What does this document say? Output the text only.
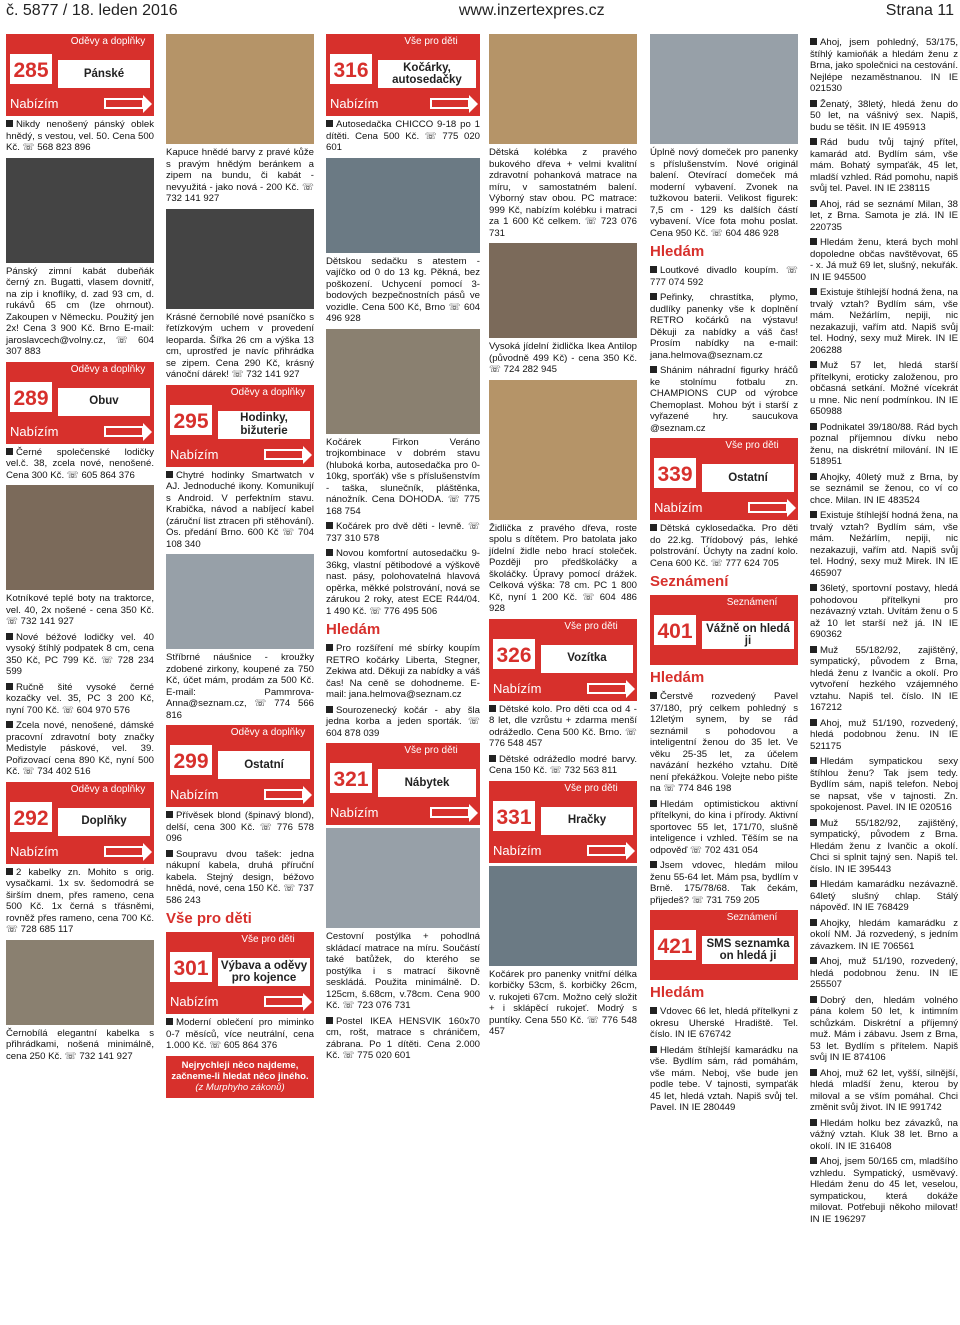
č. 5877 / 18. leden 2016	www.inzertexpres.cz	Strana 11
Oděvy a doplňky
285	Pánské
Nabízím

Nikdy nenošený pánský oblek hnědý, s vestou, vel. 50. Cena 500 Kč. ☏ 568 823 896

Pánský zimní kabát dubeňák černý zn. Bugatti, vlasem dovnitř, na zip i knoflíky, d. zad 93 cm, d. rukávů 65 cm (lze ohrnout). Zakoupen v Německu. Použitý jen 2x! Cena 3 900 Kč. Brno E-mail: jaroslavcech@volny.cz, ☏ 604 307 883

Oděvy a doplňky
289	Obuv
Nabízím

Černé společenské lodičky vel.č. 38, zcela nové, nenošené. Cena 300 Kč. ☏ 605 864 376

Kotníkové teplé boty na traktorce, vel. 40, 2x nošené - cena 350 Kč. ☏ 732 141 927

Nové béžové lodičky vel. 40 vysoký štíhlý podpatek 8 cm, cena 350 Kč, PC 799 Kč. ☏ 728 234 599

Ručně šité vysoké černé kozačky vel. 35, PC 3 200 Kč, nyní 700 Kč. ☏ 604 970 576

Zcela nové, nenošené, dámské pracovní zdravotní boty značky Medistyle páskové, vel. 39. Pořizovací cena 890 Kč, nyní 500 Kč. ☏ 734 402 516

Oděvy a doplňky
292	Doplňky
Nabízím

2 kabelky zn. Mohito s orig. vysačkami. 1x sv. šedomodrá se širším dnem, přes rameno, cena 500 Kč. 1x černá s třásněmi, rovněž přes rameno, cena 700 Kč. ☏ 728 685 117

Černobílá elegantní kabelka s přihrádkami, nošená minimálně, cena 250 Kč. ☏ 732 141 927

Kapuce hnědé barvy z pravé kůže s pravým hnědým beránkem a zipem na bundu, či kabát - nevyužitá - jako nová - 200 Kč. ☏ 732 141 927

Krásné černobílé nové psaníčko s řetízkovým uchem v provedení leoparda. Šířka 26 cm a výška 13 cm, uprostřed je navíc přihrádka se zipem. Cena 290 Kč, krásný vánoční dárek! ☏ 732 141 927

Oděvy a doplňky
295	Hodinky, bižuterie
Nabízím

Chytré hodinky Smartwatch v AJ. Jednoduché ikony. Komunikují s Android. V perfektním stavu. Krabička, návod a nabíjecí kabel (záruční list ztracen při stěhování). Os. předání Brno. 600 Kč ☏ 704 108 340

Stříbrné náušnice - kroužky zdobené zirkony, koupené za 750 Kč, účet mám, prodám za 500 Kč. E-mail: Pammrova-Anna@seznam.cz, ☏ 774 566 816

Oděvy a doplňky
299	Ostatní
Nabízím

Přívěsek blond (špinavý blond), delší, cena 300 Kč. ☏ 776 578 096

Soupravu dvou tašek: jedna nákupní kabela, druhá příruční kabela. Stejný design, béžovo hnědá, nové, cena 150 Kč. ☏ 737 586 243

Vše pro děti
Vše pro děti
301	Výbava a oděvy pro kojence
Nabízím

Moderní oblečení pro miminko 0-7 měsíců, více neutrální, cena 1.000 Kč. ☏ 605 864 376

Nejrychleji něco najdeme, začneme-li hledat něco jiného.
(z Murphyho zákonů)
Vše pro děti
316	Kočárky, autosedačky
Nabízím

Autosedačka CHICCO 9-18 po 1 dítěti. Cena 500 Kč. ☏ 775 020 601

Dětskou sedačku s atestem - vajíčko od 0 do 13 kg. Pěkná, bez poškození. Uchycení pomocí 3-bodových bezpečnostních pásů ve vozidle. Cena 500 Kč, Brno ☏ 604 496 928

Kočárek Firkon Veráno trojkombinace v dobrém stavu (hluboká korba, autosedačka pro 0-10kg, sporťák) vše s příslušenstvím - taška, slunečník, pláštěnka, nánožník. Cena DOHODA. ☏ 775 168 754

Kočárek pro dvě děti - levně. ☏ 737 310 578

Novou komfortní autosedačku 9-36kg, vlastní pětibodové a výškově nast. pásy, polohovatelná hlavová opěrka, měkké polstrování, nová se zárukou 2 roky, atest ECE R44/04. 1 490 Kč. ☏ 776 495 506

Hledám

Pro rozšíření mé sbírky koupím RETRO kočárky Liberta, Stegner, Zekiwa atd. Děkuji za nabídky a váš čas! Na ceně se dohodneme. E-mail: jana.helmova@seznam.cz

Sourozenecký kočár - aby šla jedna korba a jeden sporták. ☏ 604 878 039

Vše pro děti
321	Nábytek
Nabízím

Cestovní postýlka + pohodlná skládací matrace na míru. Součástí také batůžek, do kterého se postýlka i s matrací šikovně seskládá. Použita minimálně. D. 125cm, š.68cm, v.78cm. Cena 900 Kč. ☏ 723 076 731

Postel IKEA HENSVIK 160x70 cm, rošt, matrace s chráničem, zábrana. Po 1 dítěti. Cena 2.000 Kč. ☏ 775 020 601

Dětská kolébka z pravého bukového dřeva + velmi kvalitní zdravotní pohanková matrace na míru, v samostatném balení. Výborný stav obou. PC matrace: 999 Kč, nabízím kolébku i matraci za 1 600 Kč celkem. ☏ 723 076 731

Vysoká jídelní židlička Ikea Antilop (původně 499 Kč) - cena 350 Kč. ☏ 724 282 945

Židlička z pravého dřeva, roste spolu s dítětem. Pro batolata jako jídelní židle nebo hrací stoleček. Později pro předškoláčky a školáčky. Úpravy pomocí drážek. Celková výška: 78 cm. PC 1 800 Kč, nyní 1 200 Kč. ☏ 604 486 928

Vše pro děti
326	Vozítka
Nabízím

Dětské kolo. Pro děti cca od 4 - 8 let, dle vzrůstu + zdarma menší odrážedlo. Cena 500 Kč. Brno. ☏ 776 548 457

Dětské odrážedlo modré barvy. Cena 150 Kč. ☏ 732 563 811

Vše pro děti
331	Hračky
Nabízím

Kočárek pro panenky vnitřní délka korbičky 53cm, š. korbičky 26cm, v. rukojeti 67cm. Možno celý složit + i sklápěcí rukojeť. Modrý s puntíky. Cena 550 Kč. ☏ 776 548 457

Úplně nový domeček pro panenky s příslušenstvím. Nové originál balení. Otevírací domeček má moderní vybavení. Zvonek na tužkovou baterii. Velikost figurek: 7,5 cm - 129 ks dalších částí vybavení. Více fota mohu poslat. Cena 950 Kč. ☏ 604 486 928

Hledám

Loutkové divadlo koupím. ☏ 777 074 592

Peřinky, chrastítka, plymo, dudlíky panenky vše k doplnění RETRO kočárků na výstavu! Děkuji za nabídky a váš čas! Prosím nabídky na e-mail: jana.helmova@seznam.cz

Shánim náhradní figurky hráčů ke stolnímu fotbalu zn. CHAMPIONS CUP od výrobce Chemoplast. Mohou být i starší z vyřazené hry. saucukova @seznam.cz

Vše pro děti
339	Ostatní
Nabízím

Dětská cyklosedačka. Pro děti do 22.kg. Třídobový pás, lehké polstrování. Úchyty na zadní kolo. Cena 600 Kč. ☏ 777 624 705

Seznámení
Seznámení
401	Vážně on hledá ji
Hledám

Čerstvě rozvedený Pavel 37/180, prý celkem pohledný s 12letým synem, by se rád seznámil s pohodovou a inteligentní ženou do 35 let. Ve věku 25-35 let, za účelem navázání hezkého vztahu. Dítě není překážkou. Volejte nebo pište na ☏ 774 846 198

Hledám optimistickou aktivní přítelkyni, do kina i přírody. Aktivní sportovec 55 let, 171/70, slušně inteligence i vzhled. Těším se na odpověď ☏ 702 431 054

Jsem vdovec, hledám milou ženu 55-64 let. Mám psa, bydlím v Brně. 175/78/68. Tak čekám, přijedeš? ☏ 731 759 205

Seznámení
421	SMS seznamka on hledá ji
Hledám

Vdovec 66 let, hledá přítelkyni z okresu Uherské Hradiště. Tel. číslo. IN IE 676742

Hledám štíhlejší kamarádku na vše. Bydlím sám, rád pomáhám, vše mám. Neboj, vše bude jen podle tebe. V tajnosti, sympaťák 45 let, hledá vztah. Napiš svůj tel. Pavel. IN IE 280449

Ahoj, jsem pohledný, 53/175, štíhlý kamioňák a hledám ženu z Brna, jako společnici na cestování. Nejlépe nezaměstnanou. IN IE 021530

Ženatý, 38letý, hledá ženu do 50 let, na vášnivý sex. Napiš, budu se těšit. IN IE 495913

Rád budu tvůj tajný přítel, kamarád atd. Bydlím sám, vše mám. Bohatý sympaťák, 45 let, mladší vzhled. Rád pomohu, napiš svůj tel. Pavel. IN IE 238115

Ahoj, rád se seznámí Milan, 38 let, z Brna. Samota je zlá. IN IE 220735

Hledám ženu, která bych mohl dopoledne občas navštěvovat, 65 - x. Já muž 69 let, slušný, nekuřák. IN IE 945500

Existuje štíhlejší hodná žena, na trvalý vztah? Bydlím sám, vše mám. Nežárlím, nepiji, nic nezakazuji, vařím atd. Napiš svůj tel. Hodný, sexy muž Mirek. IN IE 206288

Muž 57 let, hledá starší přítelkyni, eroticky založenou, pro občasná setkání. Možné vícekrát u mne. Nic není podmínkou. IN IE 650988

Podnikatel 39/180/88. Rád bych poznal příjemnou dívku nebo ženu, na diskrétní milování. IN IE 518951

Ahojky, 40letý muž z Brna, by se seznámil se ženou, co ví co chce. Milan. IN IE 483524

Existuje štíhlejší hodná žena, na trvalý vztah? Bydlím sám, vše mám. Nežárlím, nepiji, nic nezakazuji, vařím atd. Napiš svůj tel. Hodný, sexy muž Mirek. IN IE 465907

36letý, sportovní postavy, hledá pohodovou přítelkyni pro nezávazný vztah. Uvítám ženu o 5 až 10 let starší než já. IN IE 690362

Muž 55/182/92, zajištěný, sympatický, původem z Brna, hledá ženu z Ivančic a okolí. Pro vytvoření hezkého vzájemného vztahu. Napiš tel. číslo. IN IE 167212

Ahoj, muž 51/190, rozvedený, hledá podobnou ženu. IN IE 521175

Hledám sympatickou sexy štíhlou ženu? Tak jsem tedy. Bydlím sám, napiš telefon. Neboj se napsat, vše v tajnosti. Zn. spokojenost. Pavel. IN IE 020516

Muž 55/182/92, zajištěný, sympatický, původem z Brna. Hledám ženu z Ivančic a okolí. Chci si splnit tajný sen. Napiš tel. číslo. IN IE 395443

Hledám kamarádku nezávazně. 64letý slušný chlap. Stálý nápověď. IN IE 768429

Ahojky, hledám kamarádku z okolí NM. Já rozvedený, s jedním závazkem. IN IE 706561

Ahoj, muž 51/190, rozvedený, hledá podobnou ženu. IN IE 255507

Dobrý den, hledám volného pána kolem 50 let, k intimním schůzkám. Diskrétní a příjemný muž. Mám i zábavu. Jsem z Brna, 53 let. Bydlím s přítelem. Napiš svůj IN IE 874106

Ahoj, muž 62 let, vyšší, silnější, hledá mladší ženu, kterou by miloval a se vším pomáhal. Chci změnit svůj život. IN IE 991742

Hledám holku bez závazků, na vážný vztah. Kluk 38 let. Brno a okolí. IN IE 316408

Ahoj, jsem 50/165 cm, mladšího vzhledu. Sympatický, usměvavý. Hledám ženu do 45 let, veselou, sympatickou, která dokáže milovat. Potřebuji někoho milovat! IN IE 196297
